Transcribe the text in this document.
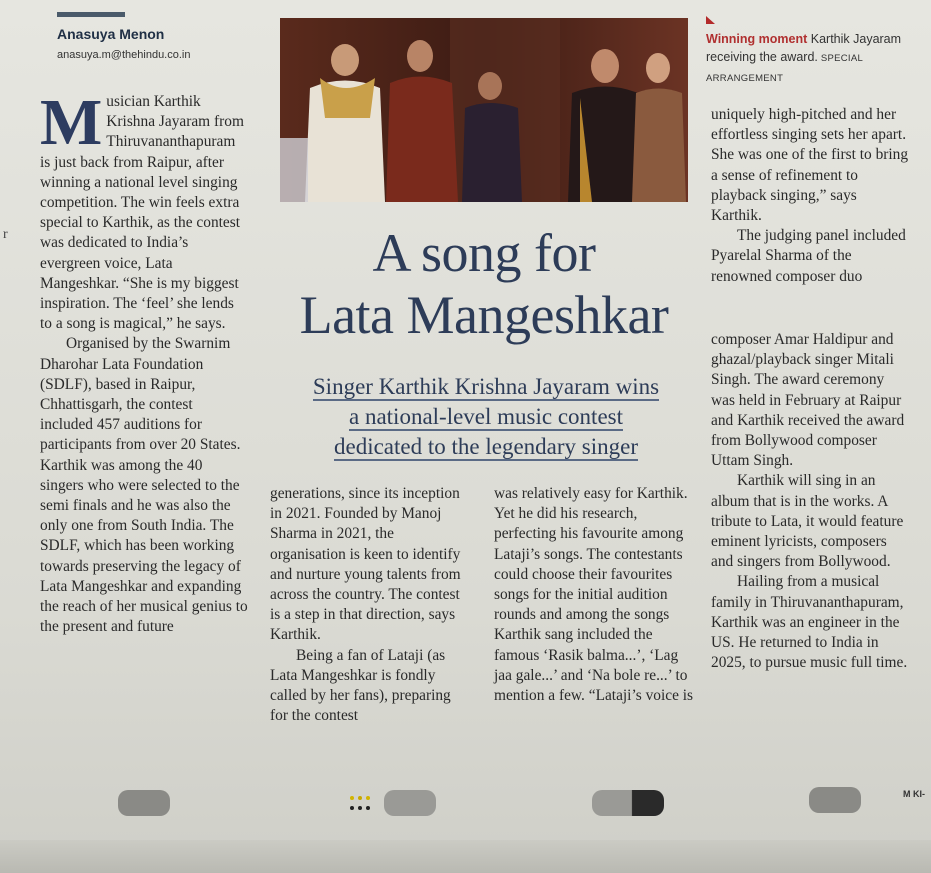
Anasuya Menon
anasuya.m@thehindu.co.in
r

Musician Karthik Krishna Jayaram from Thiruvananthapuram is just back from Raipur, after winning a national level singing competition. The win feels extra special to Karthik, as the contest was dedicated to India’s evergreen voice, Lata Mangeshkar. “She is my biggest inspiration. The ‘feel’ she lends to a song is magical,” he says.

Organised by the Swarnim Dharohar Lata Foundation (SDLF), based in Raipur, Chhattisgarh, the contest included 457 auditions for participants from over 20 States. Karthik was among the 40 singers who were selected to the semi finals and he was also the only one from South India. The SDLF, which has been working towards preserving the legacy of Lata Mangeshkar and expanding the reach of her musical genius to the present and future

Winning moment Karthik Jayaram receiving the award. SPECIAL ARRANGEMENT

uniquely high-pitched and her effortless singing sets her apart. She was one of the first to bring a sense of refinement to playback singing,” says Karthik.

The judging panel included Pyarelal Sharma of the renowned composer duo

A song for
Lata Mangeshkar
Singer Karthik Krishna Jayaram wins
a national-level music contest
dedicated to the legendary singer

generations, since its inception in 2021. Founded by Manoj Sharma in 2021, the organisation is keen to identify and nurture young talents from across the country. The contest is a step in that direction, says Karthik.

Being a fan of Lataji (as Lata Mangeshkar is fondly called by her fans), preparing for the contest

was relatively easy for Karthik. Yet he did his research, perfecting his favourite among Lataji’s songs. The contestants could choose their favourites songs for the initial audition rounds and among the songs Karthik sang included the famous ‘Rasik balma...’, ‘Lag jaa gale...’ and ‘Na bole re...’ to mention a few. “Lataji’s voice is

composer Amar Haldipur and ghazal/playback singer Mitali Singh. The award ceremony was held in February at Raipur and Karthik received the award from Bollywood composer Uttam Singh.

Karthik will sing in an album that is in the works. A tribute to Lata, it would feature eminent lyricists, composers and singers from Bollywood.

Hailing from a musical family in Thiruvananthapuram, Karthik was an engineer in the US. He returned to India in 2025, to pursue music full time.

M KI-
